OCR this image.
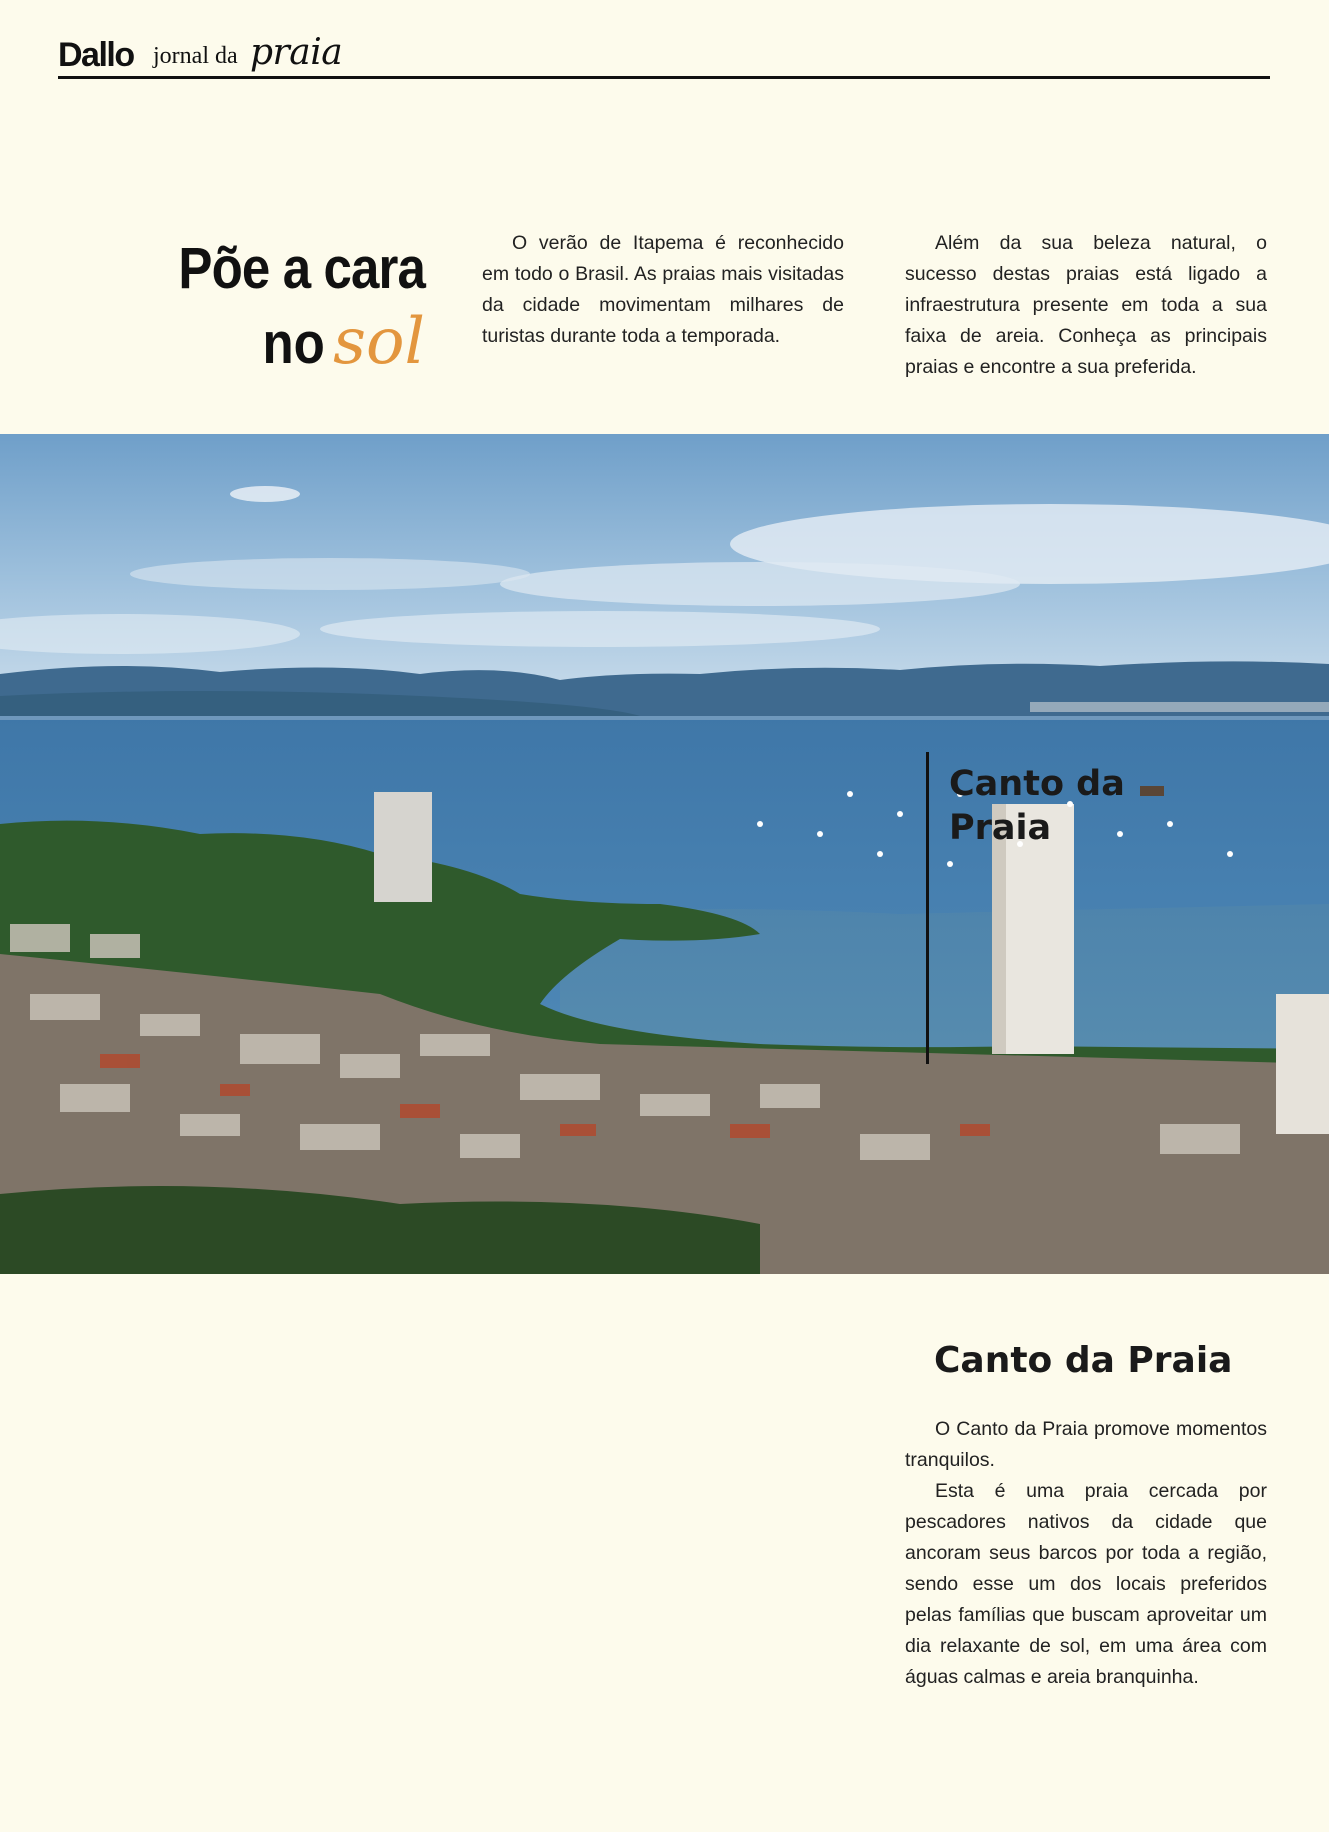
Dallo jornal da praia
Põe a cara
no sol

O verão de Itapema é reconhecido em todo o Brasil. As praias mais visitadas da cidade movimentam milhares de turistas durante toda a temporada.

Além da sua beleza natural, o sucesso destas praias está ligado a infraestrutura presente em toda a sua faixa de areia. Conheça as principais praias e encontre a sua preferida.

Canto da Praia
Canto da Praia

O Canto da Praia promove momentos tranquilos.

Esta é uma praia cercada por pescadores nativos da cidade que ancoram seus barcos por toda a região, sendo esse um dos locais preferidos pelas famílias que buscam aproveitar um dia relaxante de sol, em uma área com águas calmas e areia branquinha.
